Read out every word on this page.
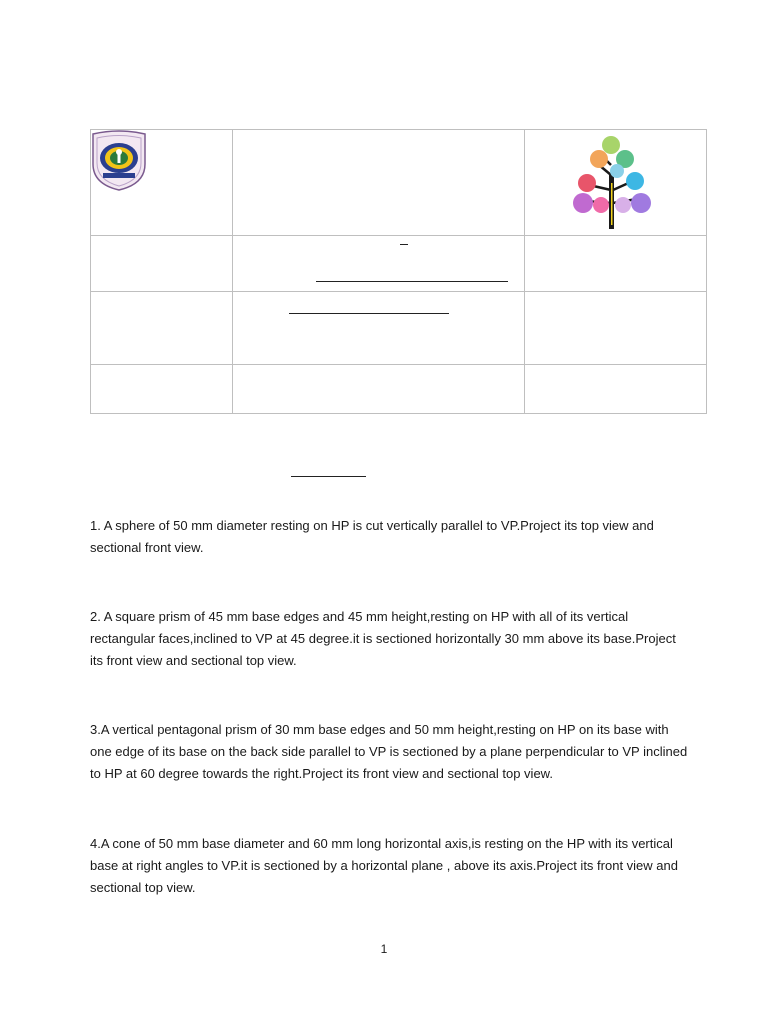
1. A sphere of 50 mm diameter resting on HP is cut vertically parallel to VP.Project its top view and sectional front view.

2. A square prism of 45 mm base edges and 45 mm height,resting on HP with all of its vertical rectangular faces,inclined to VP at 45 degree.it is sectioned horizontally 30 mm above its base.Project its front view and sectional top view.

3.A vertical pentagonal prism of 30 mm base edges and 50 mm height,resting on HP on its base with one edge of its base on the back side parallel to VP is sectioned by a plane perpendicular to VP inclined to HP at 60 degree towards the right.Project its front view and sectional top view.

4.A cone of 50 mm base diameter and 60 mm long horizontal axis,is resting on the HP with its vertical base at right angles to VP.it is sectioned by a horizontal plane , above its axis.Project its front view and sectional top view.

1
